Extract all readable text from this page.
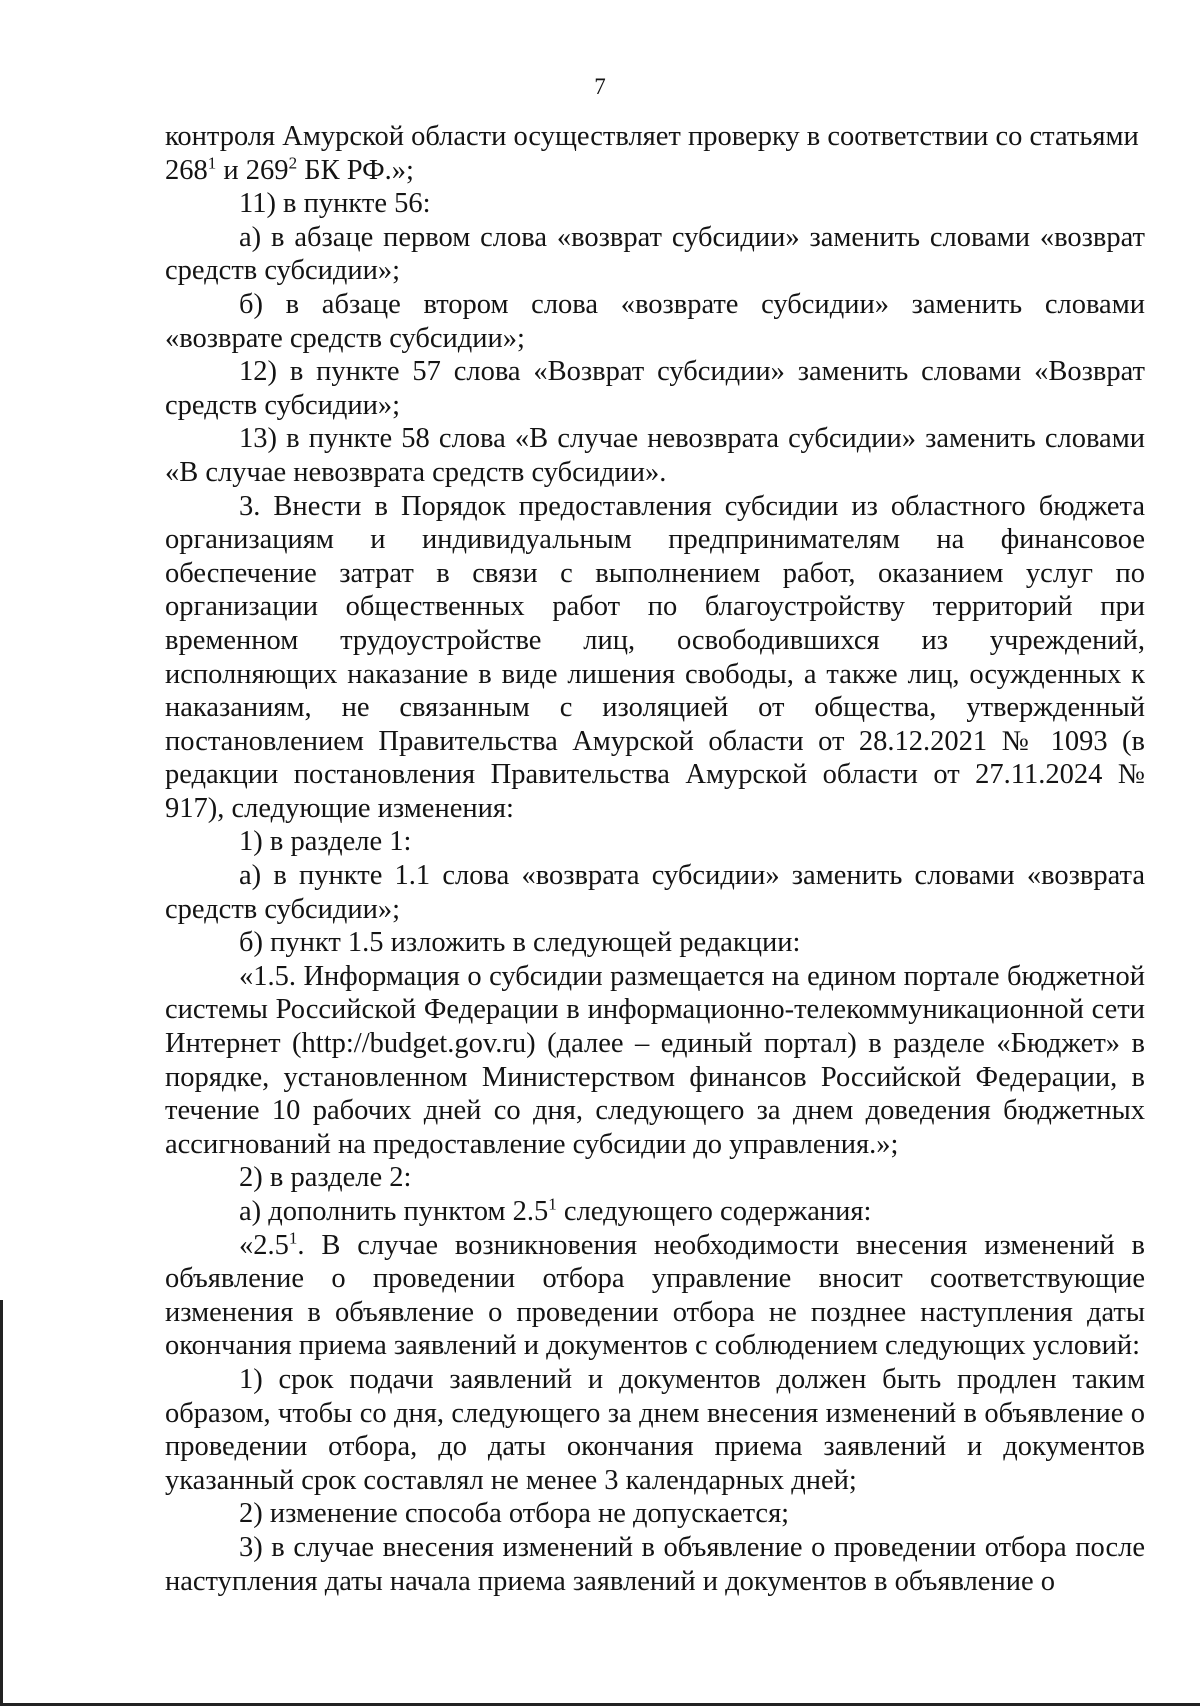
7

контроля Амурской области осуществляет проверку в соответствии со статьями

$268^1$ и $269^2$ БК РФ.»;

11) в пункте 56:

а) в абзаце первом слова «возврат субсидии» заменить словами «возврат средств субсидии»;

б) в абзаце втором слова «возврате субсидии» заменить словами «возврате средств субсидии»;

12) в пункте 57 слова «Возврат субсидии» заменить словами «Возврат средств субсидии»;

13) в пункте 58 слова «В случае невозврата субсидии» заменить словами «В случае невозврата средств субсидии».

3. Внести в Порядок предоставления субсидии из областного бюджета организациям и индивидуальным предпринимателям на финансовое обеспечение затрат в связи с выполнением работ, оказанием услуг по организации общественных работ по благоустройству территорий при временном трудоустройстве лиц, освободившихся из учреждений, исполняющих наказание в виде лишения свободы, а также лиц, осужденных к наказаниям, не связанным с изоляцией от общества, утвержденный постановлением Правительства Амурской области от 28.12.2021 № 1093 (в редакции постановления Правительства Амурской области от 27.11.2024 № 917), следующие изменения:

1) в разделе 1:

а) в пункте 1.1 слова «возврата субсидии» заменить словами «возврата средств субсидии»;

б) пункт 1.5 изложить в следующей редакции:

«1.5. Информация о субсидии размещается на едином портале бюджетной системы Российской Федерации в информационно-телекоммуникационной сети Интернет (http://budget.gov.ru) (далее – единый портал) в разделе «Бюджет» в порядке, установленном Министерством финансов Российской Федерации, в течение 10 рабочих дней со дня, следующего за днем доведения бюджетных ассигнований на предоставление субсидии до управления.»;

2) в разделе 2:

а) дополнить пунктом $2.5^1$ следующего содержания:

«$2.5^1$. В случае возникновения необходимости внесения изменений в объявление о проведении отбора управление вносит соответствующие изменения в объявление о проведении отбора не позднее наступления даты окончания приема заявлений и документов с соблюдением следующих условий:

1) срок подачи заявлений и документов должен быть продлен таким образом, чтобы со дня, следующего за днем внесения изменений в объявление о проведении отбора, до даты окончания приема заявлений и документов указанный срок составлял не менее 3 календарных дней;

2) изменение способа отбора не допускается;

3) в случае внесения изменений в объявление о проведении отбора после наступления даты начала приема заявлений и документов в объявление о
